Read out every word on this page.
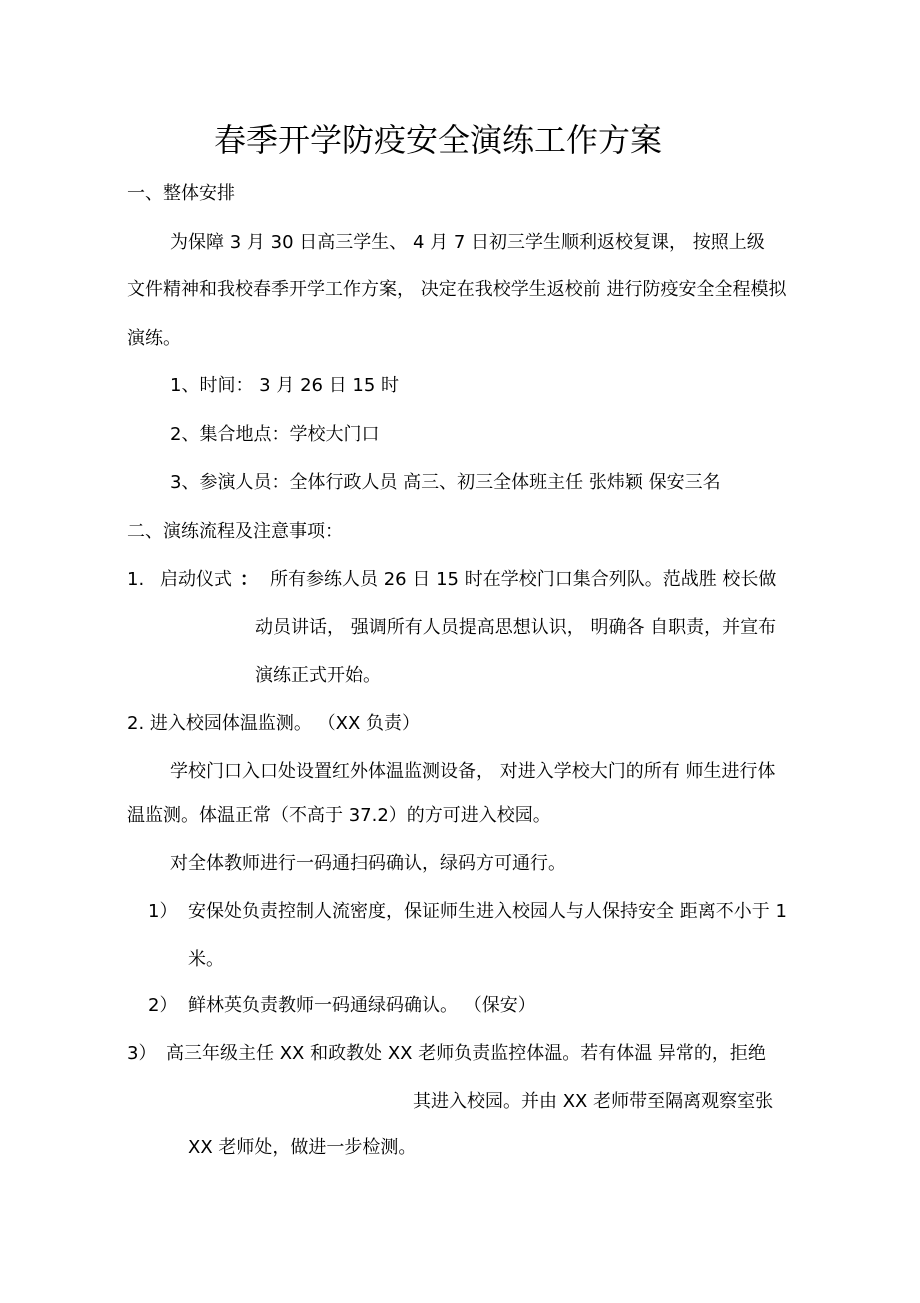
春季开学防疫安全演练工作方案

一、整体安排

为保障 3 月 30 日高三学生、 4 月 7 日初三学生顺利返校复课， 按照上级

文件精神和我校春季开学工作方案， 决定在我校学生返校前 进行防疫安全全程模拟

演练。

1、时间： 3 月 26 日 15 时

2、集合地点：学校大门口

3、参演人员：全体行政人员 高三、初三全体班主任 张炜颖 保安三名

二、演练流程及注意事项：

1. 启动仪式 ： 所有参练人员 26 日 15 时在学校门口集合列队。范战胜 校长做

动员讲话， 强调所有人员提高思想认识， 明确各 自职责，并宣布

演练正式开始。

2. 进入校园体温监测。 （XX 负责）

学校门口入口处设置红外体温监测设备， 对进入学校大门的所有 师生进行体

温监测。体温正常（不高于 37.2）的方可进入校园。

对全体教师进行一码通扫码确认，绿码方可通行。

1） 安保处负责控制人流密度，保证师生进入校园人与人保持安全 距离不小于 1

米。

2） 鲜林英负责教师一码通绿码确认。 （保安）

3） 高三年级主任 XX 和政教处 XX 老师负责监控体温。若有体温 异常的，拒绝

其进入校园。并由 XX 老师带至隔离观察室张

XX 老师处，做进一步检测。
